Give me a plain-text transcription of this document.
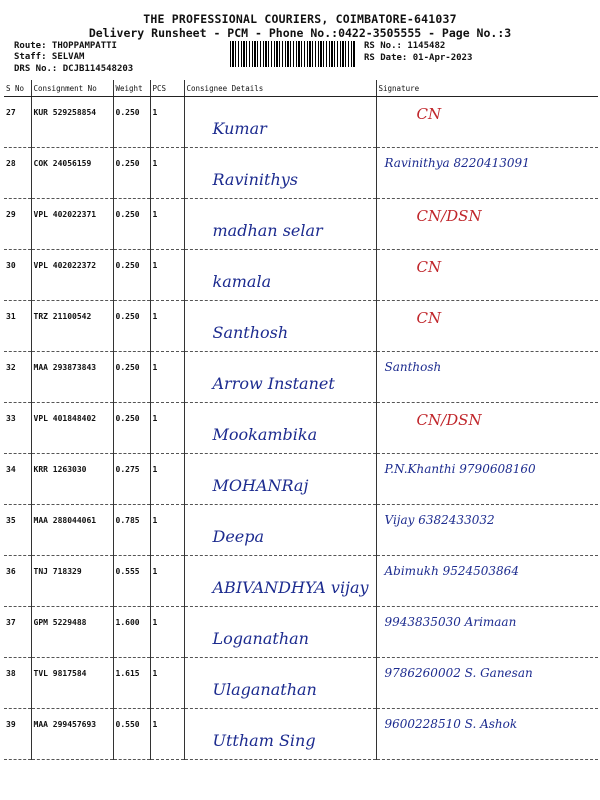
THE PROFESSIONAL COURIERS, COIMBATORE-641037
Delivery Runsheet - PCM - Phone No.:0422-3505555 - Page No.:3
Route: THOPPAMPATTI
Staff: SELVAM
DRS No.: DCJB114548203
RS No.: 1145482
RS Date: 01-Apr-2023
S No	Consignment No	Weight	PCS	Consignee Details	Signature
27	KUR 529258854	0.250	1	Kumar	CN

28	COK 24056159	0.250	1	Ravinithys	Ravinithya 8220413091

29	VPL 402022371	0.250	1	madhan selar	CN/DSN

30	VPL 402022372	0.250	1	kamala	CN

31	TRZ 21100542	0.250	1	Santhosh	CN

32	MAA 293873843	0.250	1	Arrow Instanet	Santhosh

33	VPL 401848402	0.250	1	Mookambika	CN/DSN

34	KRR 1263030	0.275	1	MOHANRaj	P.N.Khanthi 9790608160

35	MAA 288044061	0.785	1	Deepa	Vijay 6382433032

36	TNJ 718329	0.555	1	ABIVANDHYA vijay	Abimukh 9524503864

37	GPM 5229488	1.600	1	Loganathan	9943835030 Arimaan

38	TVL 9817584	1.615	1	Ulaganathan	9786260002 S. Ganesan

39	MAA 299457693	0.550	1	Uttham Sing	9600228510 S. Ashok
